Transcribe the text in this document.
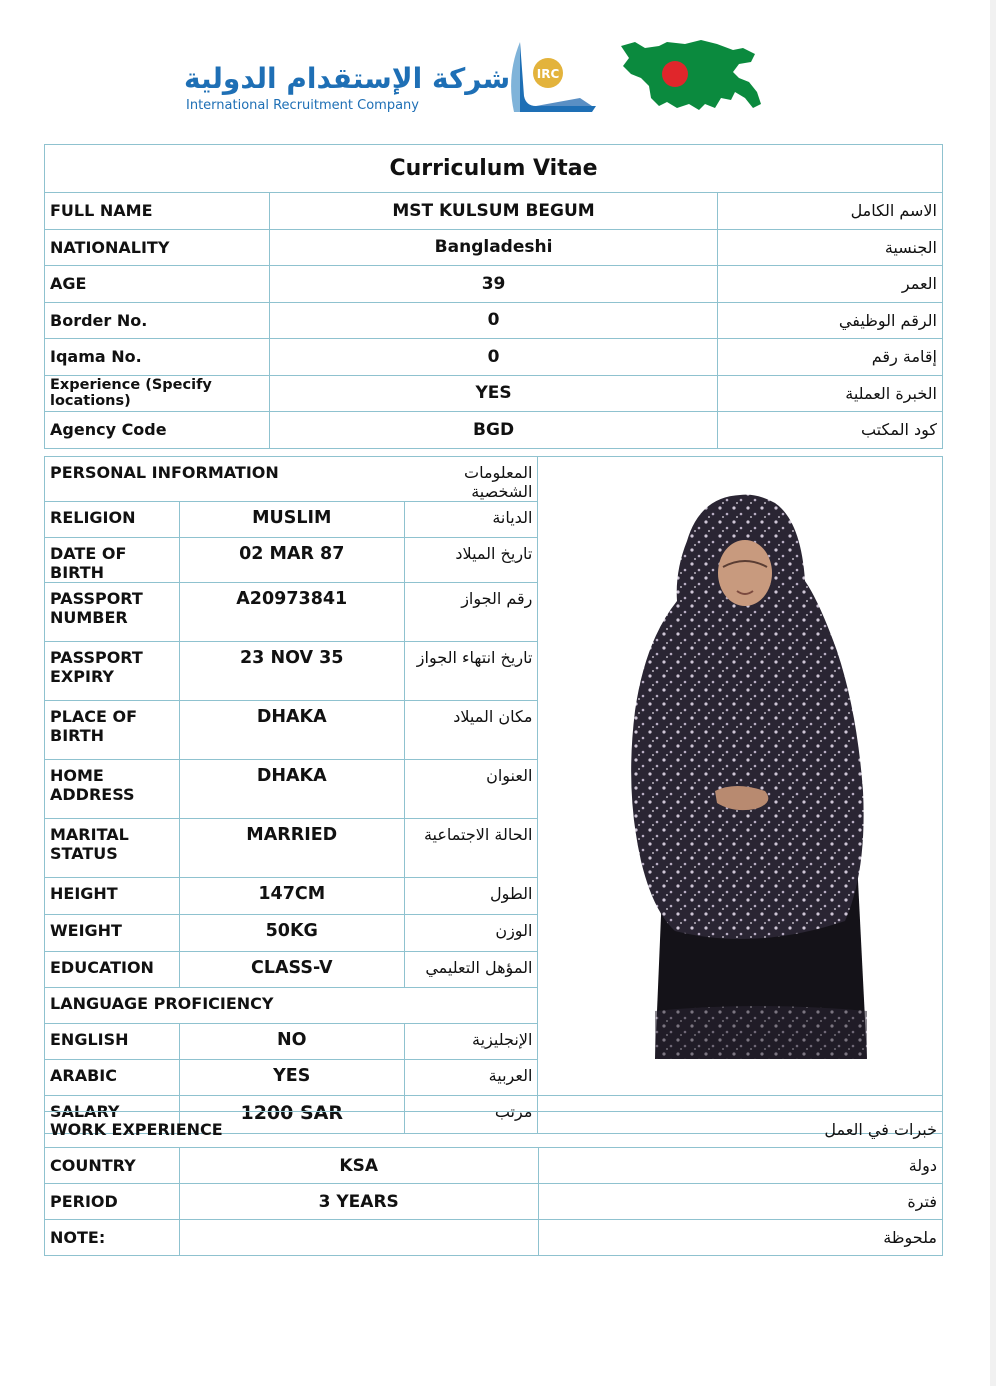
شركة الإستقدام الدولية
International Recruitment Company
IRC
Curriculum Vitae		
FULL NAME	MST KULSUM BEGUM	الاسم الكامل
NATIONALITY	Bangladeshi	الجنسية
AGE	39	العمر
Border No.	0	الرقم الوظيفي
Iqama No.	0	إقامة رقم
Experience (Specify locations)	YES	الخبرة العملية
Agency Code	BGD	كود المكتب
PERSONAL INFORMATION		المعلومات الشخصية	

RELIGION	MUSLIM	الديانة	
DATE OF BIRTH	02 MAR 87	تاريخ الميلاد	
PASSPORT NUMBER	A20973841	رقم الجواز	
PASSPORT EXPIRY	23 NOV 35	تاريخ انتهاء الجواز	
PLACE OF BIRTH	DHAKA	مكان الميلاد	
HOME ADDRESS	DHAKA	العنوان	
MARITAL STATUS	MARRIED	الحالة الاجتماعية	
HEIGHT	147CM	الطول	
WEIGHT	50KG	الوزن	
EDUCATION	CLASS-V	المؤهل التعليمي	
LANGUAGE PROFICIENCY			
ENGLISH	NO	الإنجليزية	
ARABIC	YES	العربية	
SALARY	1200 SAR	مرتب	
WORK EXPERIENCE		خبرات في العمل
COUNTRY	KSA	دولة
PERIOD	3 YEARS	فترة
NOTE:		ملحوظة
